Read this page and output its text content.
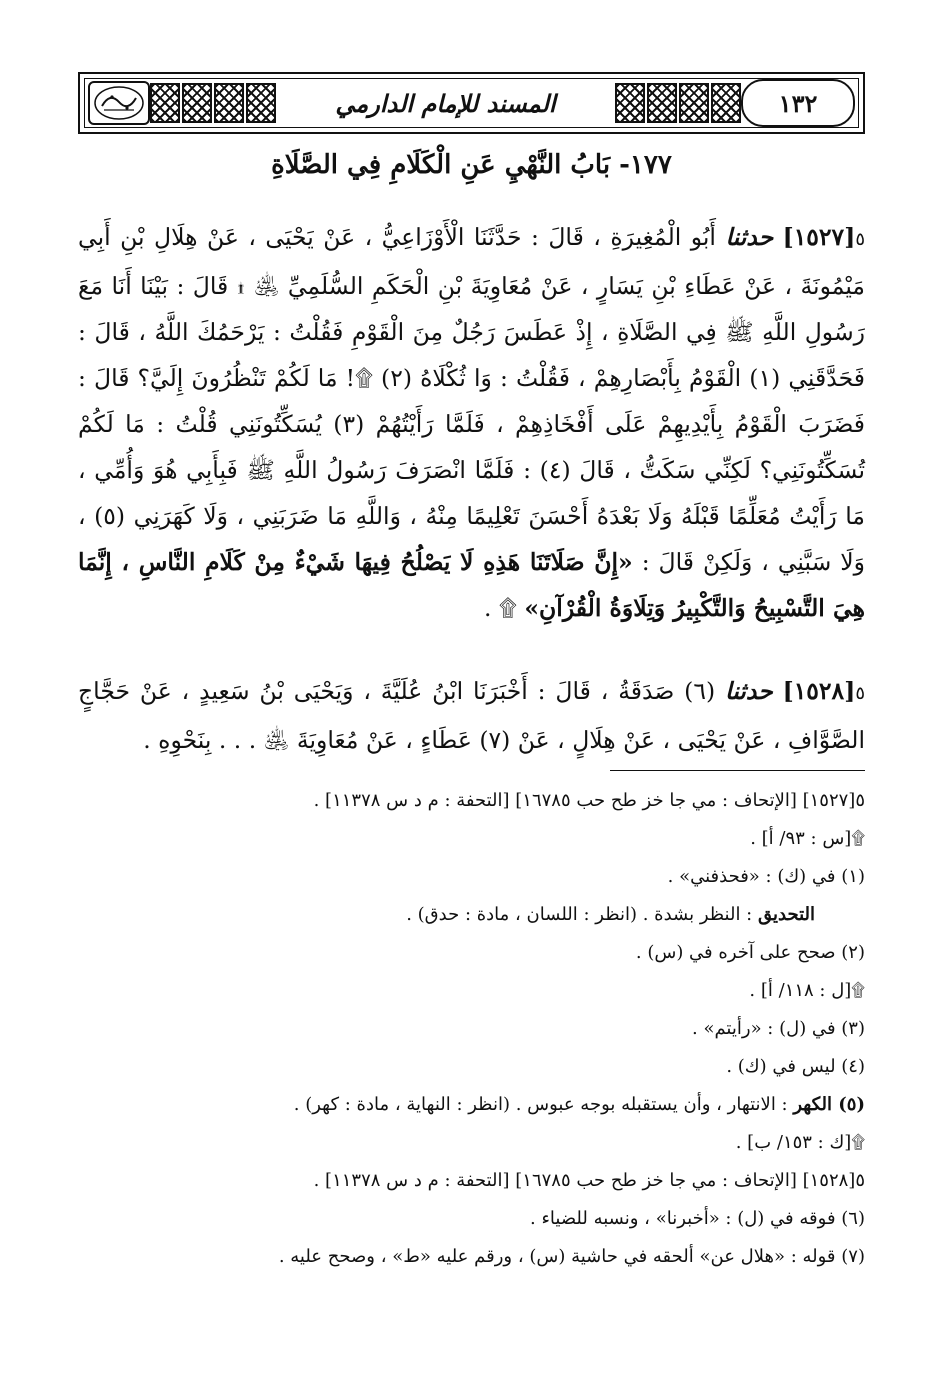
١٣٢
المسند للإمام الدارمي
١٧٧- بَابُ النَّهْيِ عَنِ الْكَلَامِ فِي الصَّلَاةِ

٥[١٥٢٧] حدثنا أَبُو الْمُغِيرَةِ ، قَالَ : حَدَّثَنَا الْأَوْزَاعِيُّ ، عَنْ يَحْيَى ، عَنْ هِلَالِ بْنِ أَبِي مَيْمُونَةَ ، عَنْ عَطَاءِ بْنِ يَسَارٍ ، عَنْ مُعَاوِيَةَ بْنِ الْحَكَمِ السُّلَمِيِّ ﵁ ۩ قَالَ : بَيْنَا أَنَا مَعَ رَسُولِ اللَّهِ ﷺ فِي الصَّلَاةِ ، إِذْ عَطَسَ رَجُلٌ مِنَ الْقَوْمِ فَقُلْتُ : يَرْحَمُكَ اللَّهُ ، قَالَ : فَحَدَّقَنِي (١) الْقَوْمُ بِأَبْصَارِهِمْ ، فَقُلْتُ : وَا ثُكْلَاهُ (٢) ۩! مَا لَكُمْ تَنْظُرُونَ إِلَيَّ؟ قَالَ : فَضَرَبَ الْقَوْمُ بِأَيْدِيهِمْ عَلَى أَفْخَاذِهِمْ ، فَلَمَّا رَأَيْتُهُمْ (٣) يُسَكِّتُونَنِي قُلْتُ : مَا لَكُمْ تُسَكِّتُونَنِي؟ لَكِنِّي سَكَتُّ ، قَالَ (٤) : فَلَمَّا انْصَرَفَ رَسُولُ اللَّهِ ﷺ فَبِأَبِي هُوَ وَأُمِّي ، مَا رَأَيْتُ مُعَلِّمًا قَبْلَهُ وَلَا بَعْدَهُ أَحْسَنَ تَعْلِيمًا مِنْهُ ، وَاللَّهِ مَا ضَرَبَنِي ، وَلَا كَهَرَنِي (٥) ، وَلَا سَبَّنِي ، وَلَكِنْ قَالَ : «إِنَّ صَلَاتَنَا هَذِهِ لَا يَصْلُحُ فِيهَا شَيْءٌ مِنْ كَلَامِ النَّاسِ ، إِنَّمَا هِيَ التَّسْبِيحُ وَالتَّكْبِيرُ وَتِلَاوَةُ الْقُرْآنِ» ۩ .

٥[١٥٢٨] حدثنا (٦) صَدَقَةُ ، قَالَ : أَخْبَرَنَا ابْنُ عُلَيَّةَ ، وَيَحْيَى بْنُ سَعِيدٍ ، عَنْ حَجَّاجٍ الصَّوَّافِ ، عَنْ يَحْيَى ، عَنْ هِلَالٍ ، عَنْ (٧) عَطَاءٍ ، عَنْ مُعَاوِيَةَ ﵁ . . . بِنَحْوِهِ .

٥[١٥٢٧] [الإتحاف : مي جا خز طح حب ١٦٧٨٥] [التحفة : م د س ١١٣٧٨] .

۩[س : ٩٣/ أ] .

(١) في (ك) : «فحذفني» .

التحديق : النظر بشدة . (انظر : اللسان ، مادة : حدق) .

(٢) صحح على آخره في (س) .

۩[ل : ١١٨/ أ] .

(٣) في (ل) : «رأيتم» .

(٤) ليس في (ك) .

(٥) الكهر : الانتهار ، وأن يستقبله بوجه عبوس . (انظر : النهاية ، مادة : كهر) .

۩[ك : ١٥٣/ ب] .

٥[١٥٢٨] [الإتحاف : مي جا خز طح حب ١٦٧٨٥] [التحفة : م د س ١١٣٧٨] .

(٦) فوقه في (ل) : «أخبرنا» ، ونسبه للضياء .

(٧) قوله : «هلال عن» ألحقه في حاشية (س) ، ورقم عليه «ط» ، وصحح عليه .
